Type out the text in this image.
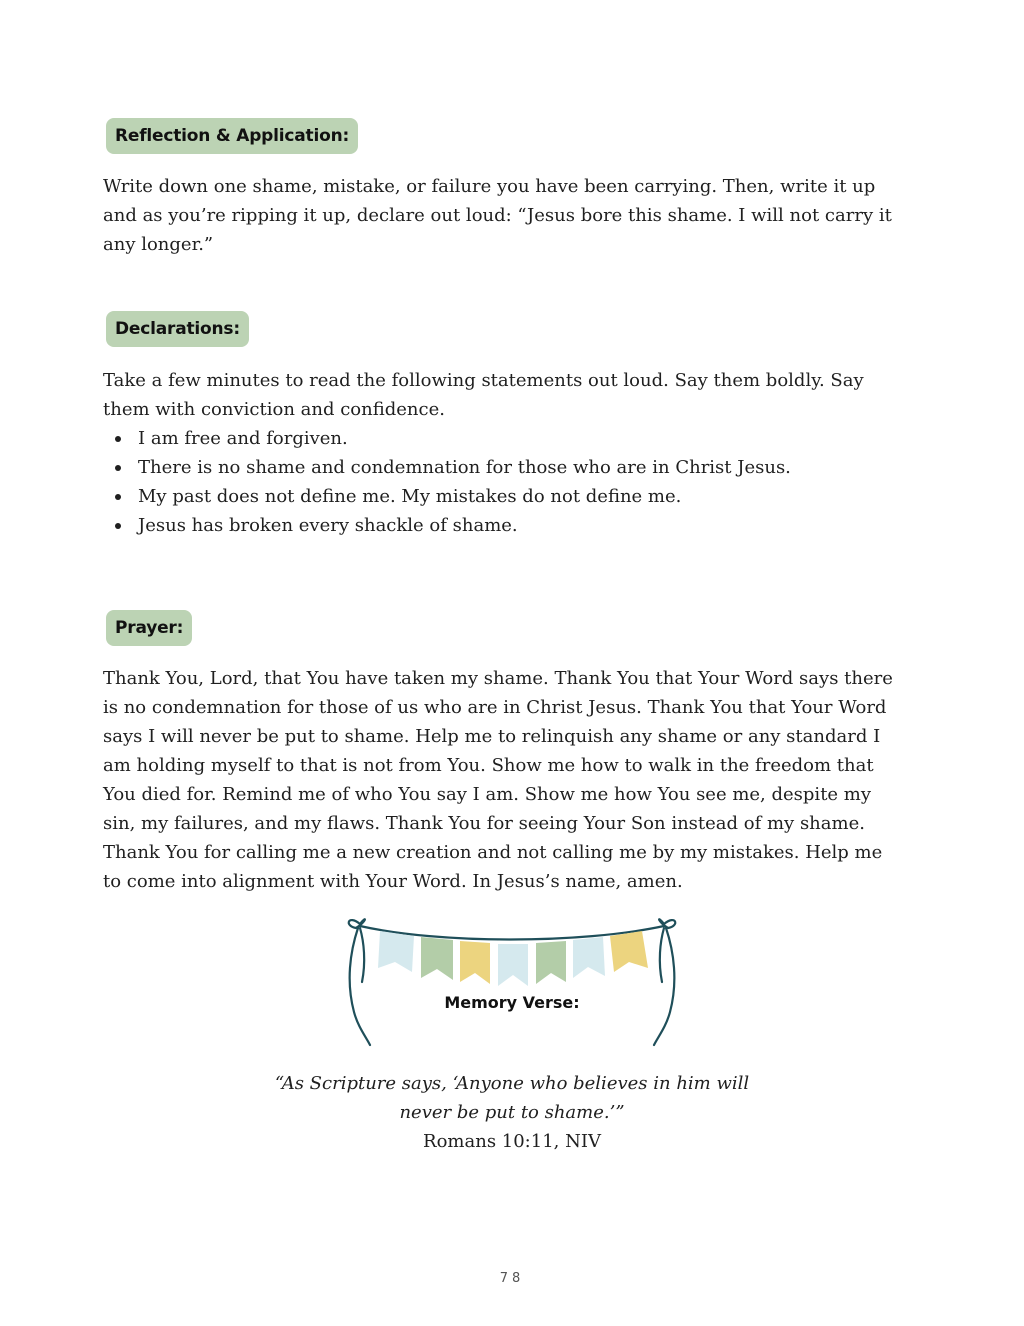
Reflection & Application:

Write down one shame, mistake, or failure you have been carrying. Then, write it up and as you’re ripping it up, declare out loud: “Jesus bore this shame. I will not carry it any longer.”

Declarations:

Take a few minutes to read the following statements out loud. Say them boldly. Say them with conviction and confidence.

I am free and forgiven.
There is no shame and condemnation for those who are in Christ Jesus.
My past does not define me. My mistakes do not define me.
Jesus has broken every shackle of shame.
Prayer:

Thank You, Lord, that You have taken my shame. Thank You that Your Word says there is no condemnation for those of us who are in Christ Jesus. Thank You that Your Word says I will never be put to shame. Help me to relinquish any shame or any standard I am holding myself to that is not from You. Show me how to walk in the freedom that You died for. Remind me of who You say I am. Show me how You see me, despite my sin, my failures, and my flaws. Thank You for seeing Your Son instead of my shame. Thank You for calling me a new creation and not calling me by my mistakes. Help me to come into alignment with Your Word. In Jesus’s name, amen.

Memory Verse:

“As Scripture says, ‘Anyone who believes in him will never be put to shame.’”

Romans 10:11, NIV
78
